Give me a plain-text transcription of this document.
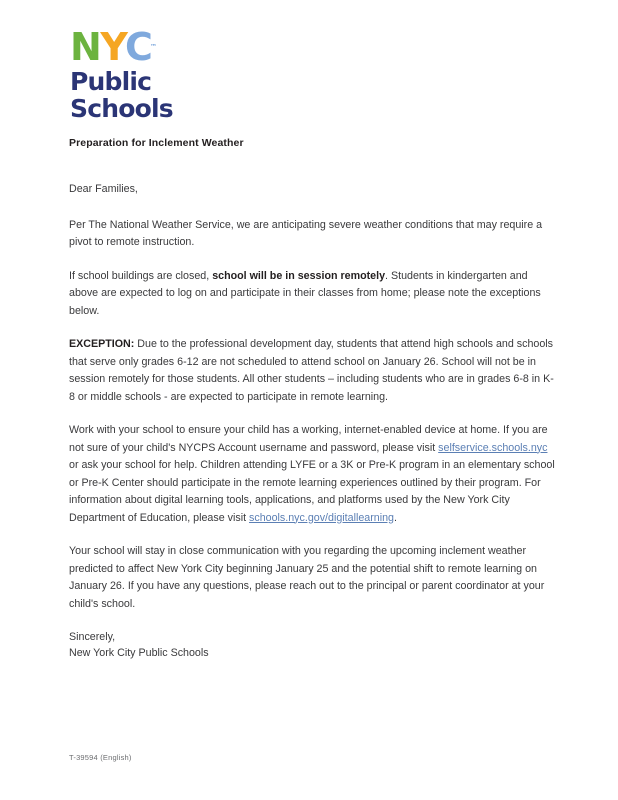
NYC
™
Public
Schools
Preparation for Inclement Weather

Dear Families,

Per The National Weather Service, we are anticipating severe weather conditions that may require a pivot to remote instruction.

If school buildings are closed, school will be in session remotely. Students in kindergarten and above are expected to log on and participate in their classes from home; please note the exceptions below.

EXCEPTION: Due to the professional development day, students that attend high schools and schools that serve only grades 6-12 are not scheduled to attend school on January 26. School will not be in session remotely for those students. All other students – including students who are in grades 6-8 in K-8 or middle schools - are expected to participate in remote learning.

Work with your school to ensure your child has a working, internet-enabled device at home. If you are not sure of your child's NYCPS Account username and password, please visit selfservice.schools.nyc or ask your school for help. Children attending LYFE or a 3K or Pre-K program in an elementary school or Pre-K Center should participate in the remote learning experiences outlined by their program. For information about digital learning tools, applications, and platforms used by the New York City Department of Education, please visit schools.nyc.gov/digitallearning.

Your school will stay in close communication with you regarding the upcoming inclement weather predicted to affect New York City beginning January 25 and the potential shift to remote learning on January 26. If you have any questions, please reach out to the principal or parent coordinator at your child's school.

Sincerely,
New York City Public Schools

T-39594 (English)
